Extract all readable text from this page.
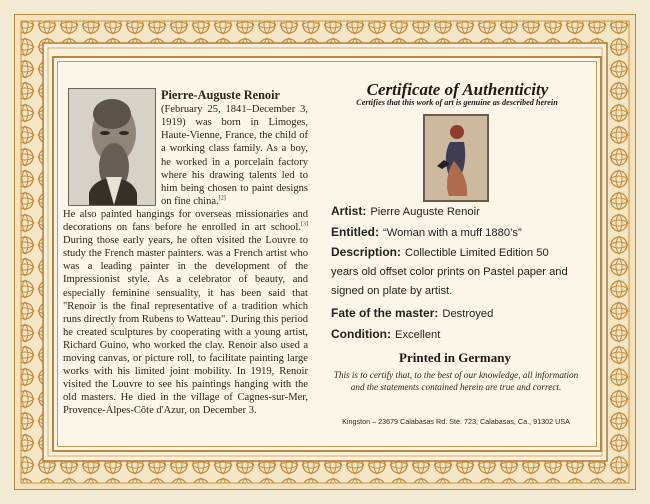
Pierre-Auguste Renoir
(February 25, 1841–December 3, 1919) was born in Limoges, Haute-Vienne, France, the child of a working class family. As a boy, he worked in a porcelain factory where his drawing talents led to him being chosen to paint designs on fine china.[2]
He also painted hangings for overseas missionaries and decorations on fans before he enrolled in art school.[3] During those early years, he often visited the Louvre to study the French master painters. was a French artist who was a leading painter in the development of the Impressionist style. As a celebrator of beauty, and especially feminine sensuality, it has been said that "Renoir is the final representative of a tradition which runs directly from Rubens to Watteau". During this period he created sculptures by cooperating with a young artist, Richard Guino, who worked the clay. Renoir also used a moving canvas, or picture roll, to facilitate painting large works with his limited joint mobility. In 1919, Renoir visited the Louvre to see his paintings hanging with the old masters. He died in the village of Cagnes-sur-Mer, Provence-Alpes-Côte d'Azur, on December 3.
Certificate of Authenticity
Certifies that this work of art is genuine as described herein
Artist: Pierre Auguste Renoir
Entitled: “Woman with a muff 1880’s”
Description: Collectible Limited Edition 50 years old offset color prints on Pastel paper and signed on plate by artist.
Fate of the master: Destroyed
Condition: Excellent
Printed in Germany
This is to certify that, to the best of our knowledge, all information and the statements contained herein are true and correct.
Kingston – 23679 Calabasas Rd. Ste. 723, Calabasas, Ca., 91302 USA
